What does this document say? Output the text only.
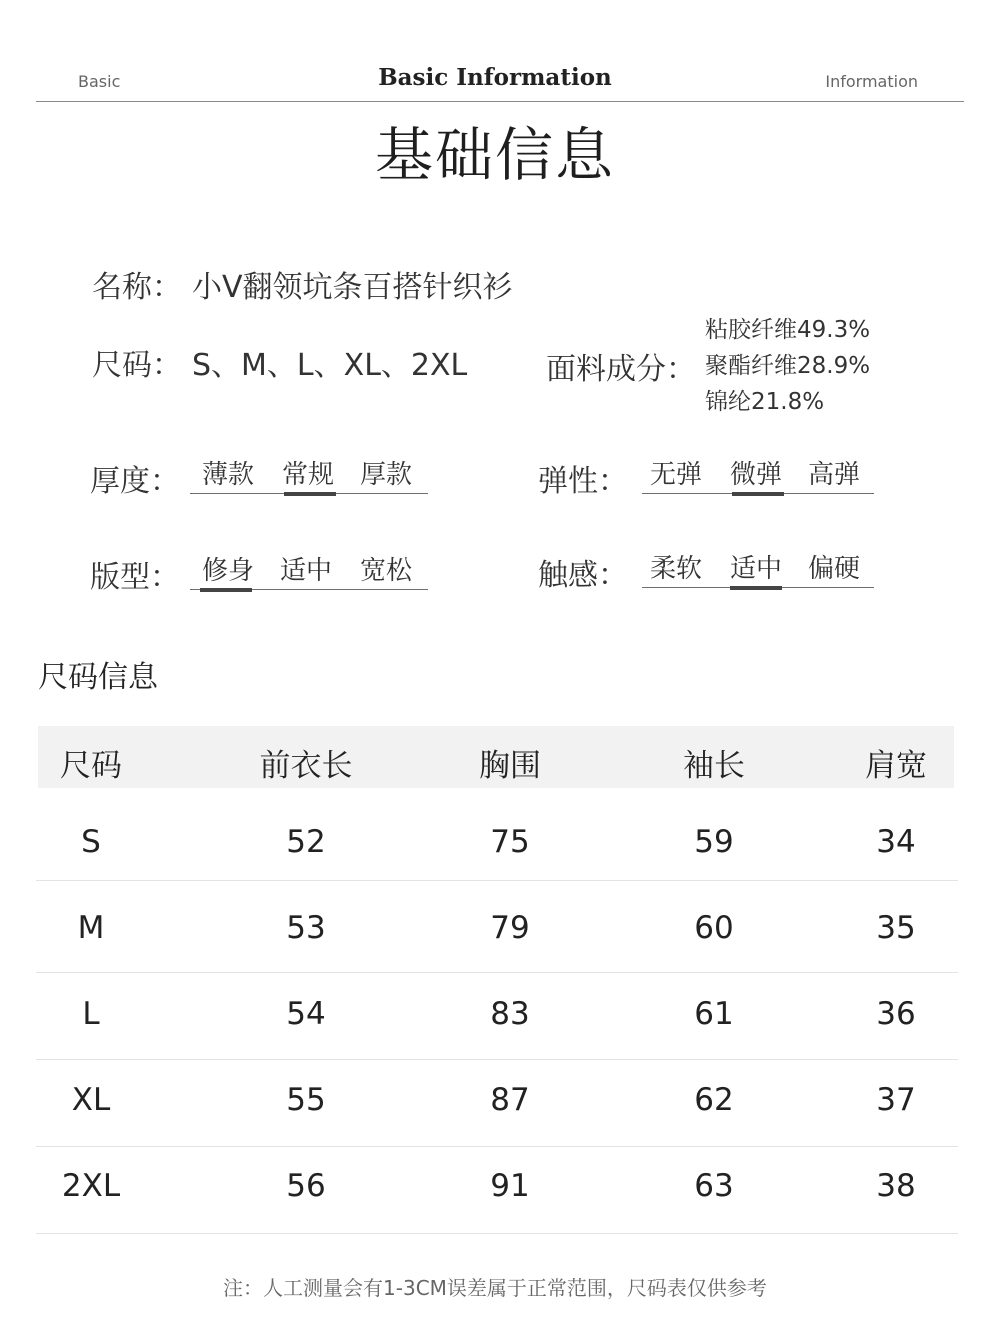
Basic	Basic Information	Information
基础信息
名称： 小V翻领坑条百搭针织衫
尺码： S、M、L、XL、2XL	面料成分：
粘胶纤维49.3%
聚酯纤维28.9%
锦纶21.8%
厚度： 薄款 常规 厚款	弹性： 无弹 微弹 高弹
版型： 修身 适中 宽松	触感： 柔软 适中 偏硬
尺码信息
尺码	前衣长	胸围	袖长	肩宽
S	52	75	59	34
M	53	79	60	35
L	54	83	61	36
XL	55	87	62	37
2XL	56	91	63	38
注：人工测量会有1-3CM误差属于正常范围，尺码表仅供参考
